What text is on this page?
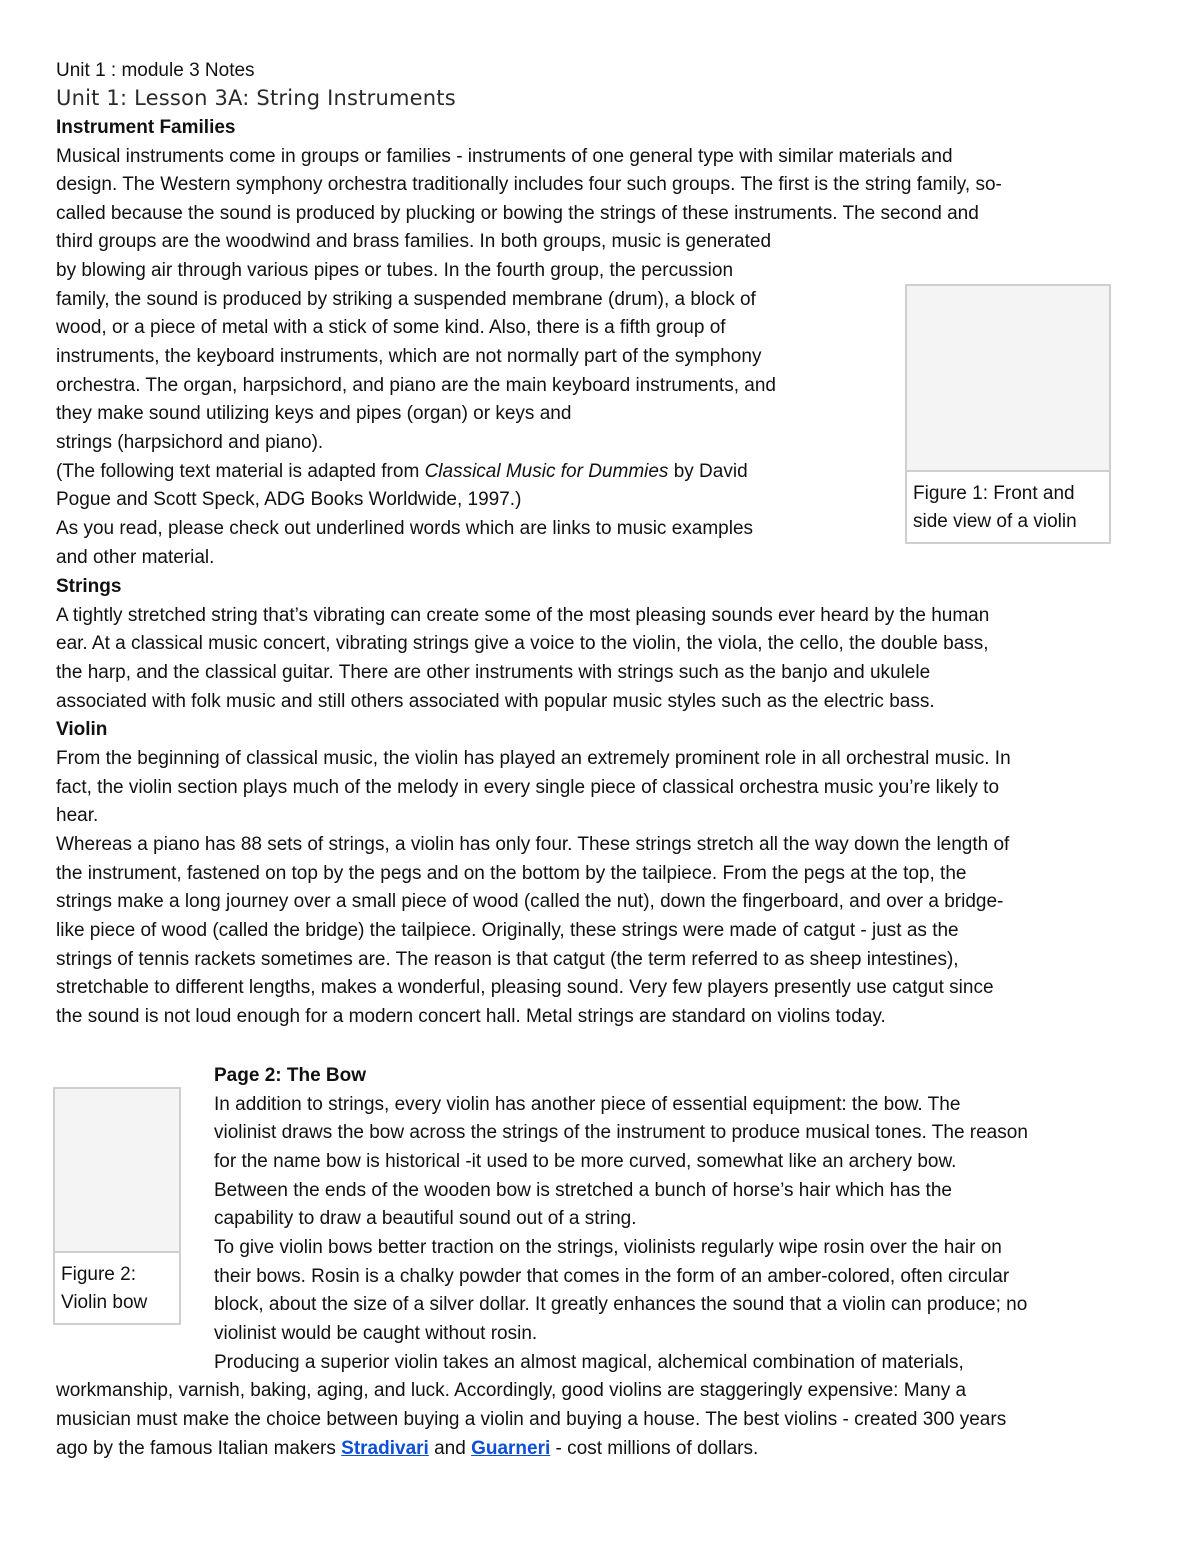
Unit 1 : module 3 Notes

Unit 1: Lesson 3A: String Instruments

Instrument Families

Musical instruments come in groups or families - instruments of one general type with similar materials and

design. The Western symphony orchestra traditionally includes four such groups. The first is the string family, so-

called because the sound is produced by plucking or bowing the strings of these instruments. The second and

third groups are the woodwind and brass families. In both groups, music is generated

by blowing air through various pipes or tubes. In the fourth group, the percussion

family, the sound is produced by striking a suspended membrane (drum), a block of

wood, or a piece of metal with a stick of some kind. Also, there is a fifth group of

instruments, the keyboard instruments, which are not normally part of the symphony

orchestra. The organ, harpsichord, and piano are the main keyboard instruments, and

they make sound utilizing keys and pipes (organ) or keys and

strings (harpsichord and piano).

(The following text material is adapted from Classical Music for Dummies by David

Pogue and Scott Speck, ADG Books Worldwide, 1997.)

As you read, please check out underlined words which are links to music examples

and other material.

Figure 1: Front and
side view of a violin

Strings

A tightly stretched string that’s vibrating can create some of the most pleasing sounds ever heard by the human

ear. At a classical music concert, vibrating strings give a voice to the violin, the viola, the cello, the double bass,

the harp, and the classical guitar. There are other instruments with strings such as the banjo and ukulele

associated with folk music and still others associated with popular music styles such as the electric bass.

Violin

From the beginning of classical music, the violin has played an extremely prominent role in all orchestral music. In

fact, the violin section plays much of the melody in every single piece of classical orchestra music you’re likely to

hear.

Whereas a piano has 88 sets of strings, a violin has only four. These strings stretch all the way down the length of

the instrument, fastened on top by the pegs and on the bottom by the tailpiece. From the pegs at the top, the

strings make a long journey over a small piece of wood (called the nut), down the fingerboard, and over a bridge-

like piece of wood (called the bridge) the tailpiece. Originally, these strings were made of catgut - just as the

strings of tennis rackets sometimes are. The reason is that catgut (the term referred to as sheep intestines),

stretchable to different lengths, makes a wonderful, pleasing sound. Very few players presently use catgut since

the sound is not loud enough for a modern concert hall. Metal strings are standard on violins today.

Figure 2:
Violin bow

Page 2: The Bow

In addition to strings, every violin has another piece of essential equipment: the bow. The

violinist draws the bow across the strings of the instrument to produce musical tones. The reason

for the name bow is historical -it used to be more curved, somewhat like an archery bow.

Between the ends of the wooden bow is stretched a bunch of horse’s hair which has the

capability to draw a beautiful sound out of a string.

To give violin bows better traction on the strings, violinists regularly wipe rosin over the hair on

their bows. Rosin is a chalky powder that comes in the form of an amber-colored, often circular

block, about the size of a silver dollar. It greatly enhances the sound that a violin can produce; no

violinist would be caught without rosin.

Producing a superior violin takes an almost magical, alchemical combination of materials,

workmanship, varnish, baking, aging, and luck. Accordingly, good violins are staggeringly expensive: Many a

musician must make the choice between buying a violin and buying a house. The best violins - created 300 years

ago by the famous Italian makers Stradivari and Guarneri - cost millions of dollars.
